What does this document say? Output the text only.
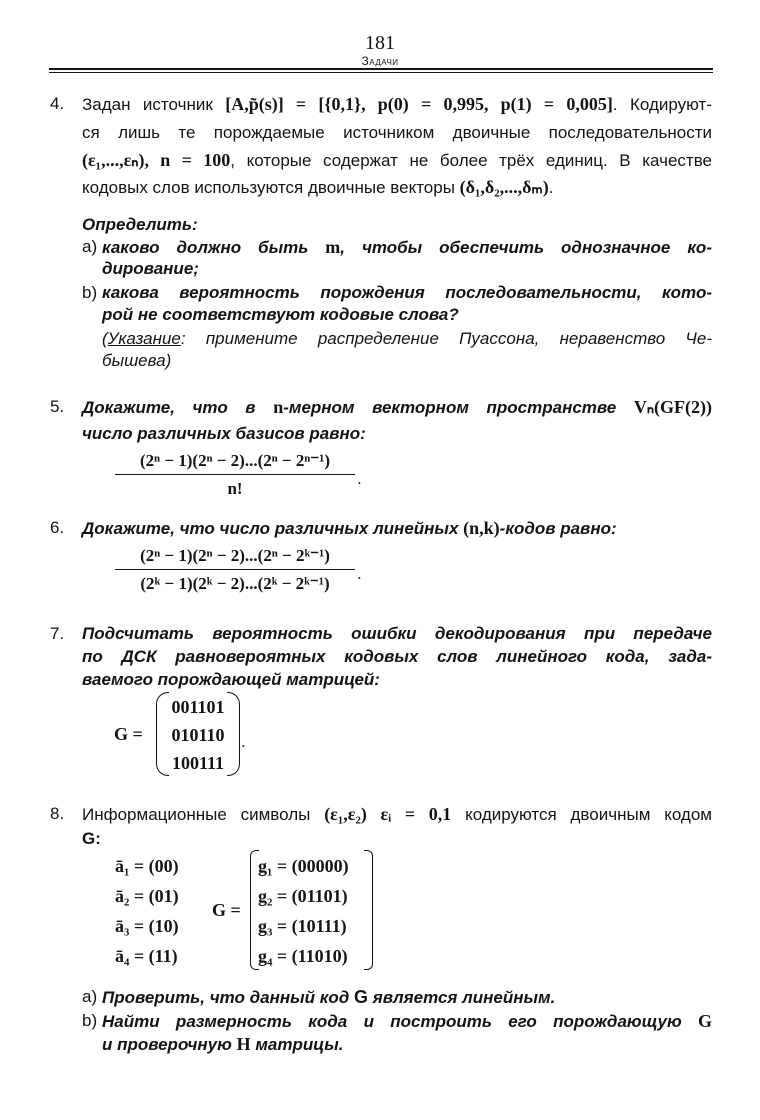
181
Задачи
4. Задан источник [A,p̃(s)] = [{0,1}, p(0) = 0,995, p(1) = 0,005]. Кодируют-
ся лишь те порождаемые источником двоичные последовательности
(ε₁,...,εₙ), n = 100, которые содержат не более трёх единиц. В качестве
кодовых слов используются двоичные векторы (δ₁,δ₂,...,δₘ).
Определить:
а) каково должно быть m, чтобы обеспечить однозначное ко-
дирование;
b) какова вероятность порождения последовательности, кото-
рой не соответствуют кодовые слова?
(Указание: примените распределение Пуассона, неравенство Че-
бышева)
5. Докажите, что в n-мерном векторном пространстве Vₙ(GF(2))
число различных базисов равно:
(2ⁿ − 1)(2ⁿ − 2)...(2ⁿ − 2ⁿ⁻¹)
n!
.
6. Докажите, что число различных линейных (n,k)-кодов равно:
(2ⁿ − 1)(2ⁿ − 2)...(2ⁿ − 2ᵏ⁻¹)
(2ᵏ − 1)(2ᵏ − 2)...(2ᵏ − 2ᵏ⁻¹)
.
7. Подсчитать вероятность ошибки декодирования при передаче
по ДСК равновероятных кодовых слов линейного кода, зада-
ваемого порождающей матрицей:
G =
001101
010110
100111
.
8. Информационные символы (ε₁,ε₂) εᵢ = 0,1 кодируются двоичным кодом
G:
ā₁ = (00)
ā₂ = (01)
ā₃ = (10)
ā₄ = (11)
G =
g₁ = (00000)
g₂ = (01101)
g₃ = (10111)
g₄ = (11010)
а) Проверить, что данный код G является линейным.
b) Найти размерность кода и построить его порождающую G
и проверочную H матрицы.
